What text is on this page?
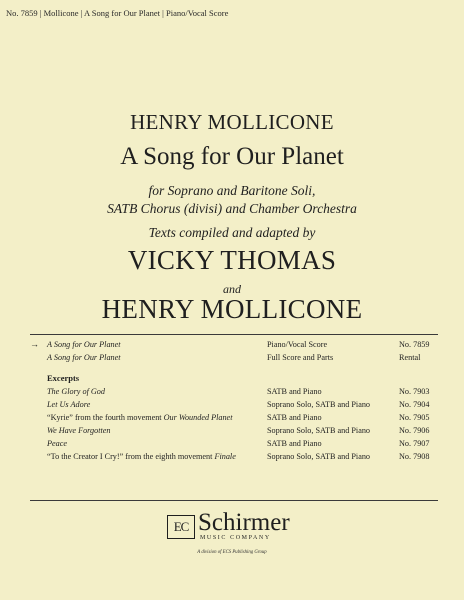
No. 7859 | Mollicone | A Song for Our Planet | Piano/Vocal Score
HENRY MOLLICONE
A Song for Our Planet
for Soprano and Baritone Soli,
SATB Chorus (divisi) and Chamber Orchestra
Texts compiled and adapted by
VICKY THOMAS
and
HENRY MOLLICONE
→ A Song for Our Planet	Piano/Vocal Score	No. 7859
A Song for Our Planet	Full Score and Parts	Rental
Excerpts
The Glory of God	SATB and Piano	No. 7903
Let Us Adore	Soprano Solo, SATB and Piano	No. 7904
“Kyrie” from the fourth movement Our Wounded Planet	SATB and Piano	No. 7905
We Have Forgotten	Soprano Solo, SATB and Piano	No. 7906
Peace	SATB and Piano	No. 7907
“To the Creator I Cry!” from the eighth movement Finale	Soprano Solo, SATB and Piano	No. 7908
EC Schirmer
MUSIC COMPANY
A division of ECS Publishing Group
